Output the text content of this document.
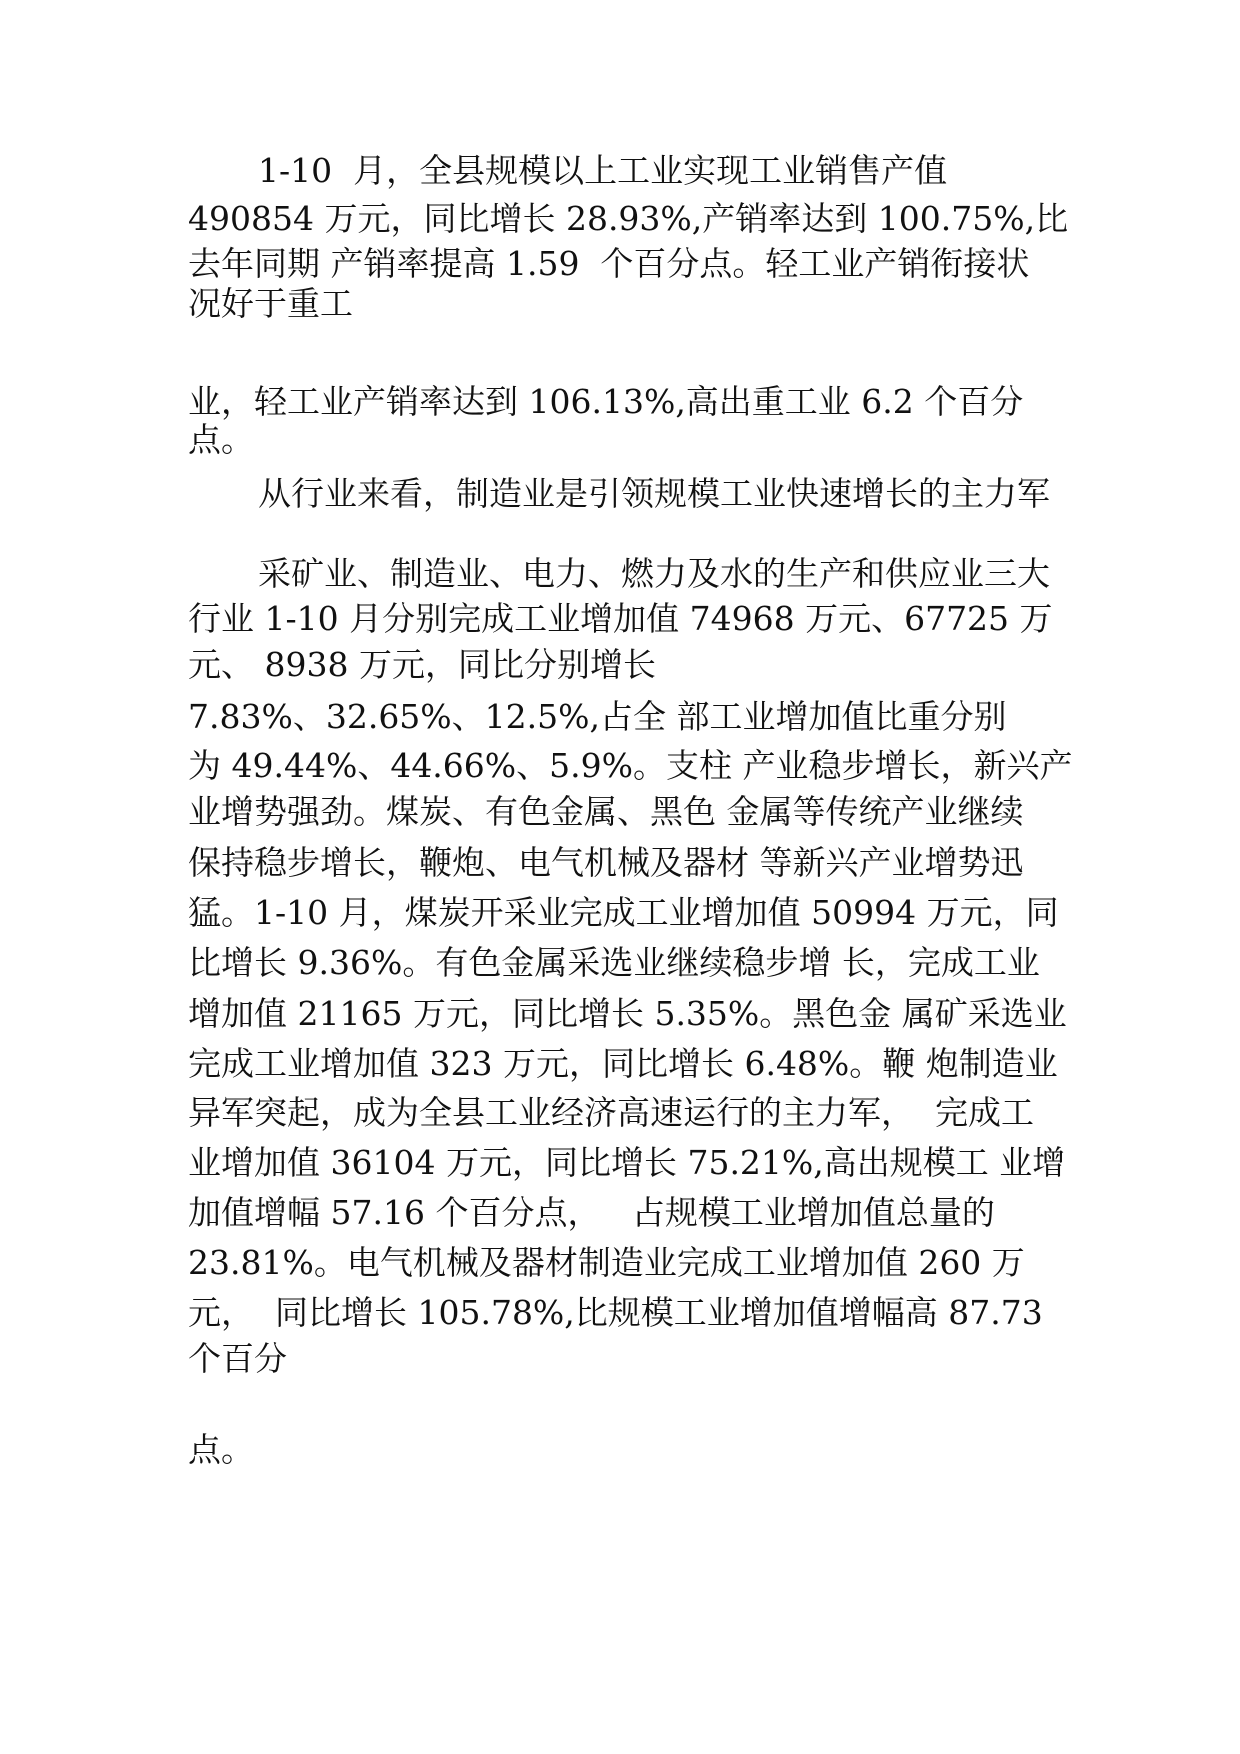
1-10  月，全县规模以上工业实现工业销售产值
490854 万元，同比增长 28.93%,产销率达到 100.75%,比
去年同期 产销率提高 1.59  个百分点。轻工业产销衔接状
况好于重工
业，轻工业产销率达到 106.13%,高出重工业 6.2 个百分
点。
从行业来看，制造业是引领规模工业快速增长的主力军
采矿业、制造业、电力、燃力及水的生产和供应业三大
行业 1-10 月分别完成工业增加值 74968 万元、67725 万
元、 8938 万元，同比分别增长
7.83%、32.65%、12.5%,占全 部工业增加值比重分别
为 49.44%、44.66%、5.9%。支柱 产业稳步增长，新兴产
业增势强劲。煤炭、有色金属、黑色 金属等传统产业继续
保持稳步增长，鞭炮、电气机械及器材 等新兴产业增势迅
猛。1-10 月，煤炭开采业完成工业增加值 50994 万元，同
比增长 9.36%。有色金属采选业继续稳步增 长，完成工业
增加值 21165 万元，同比增长 5.35%。黑色金 属矿采选业
完成工业增加值 323 万元，同比增长 6.48%。鞭 炮制造业
异军突起，成为全县工业经济高速运行的主力军，  完成工
业增加值 36104 万元，同比增长 75.21%,高出规模工 业增
加值增幅 57.16 个百分点，   占规模工业增加值总量的
23.81%。电气机械及器材制造业完成工业增加值 260 万
元，  同比增长 105.78%,比规模工业增加值增幅高 87.73
个百分
点。
